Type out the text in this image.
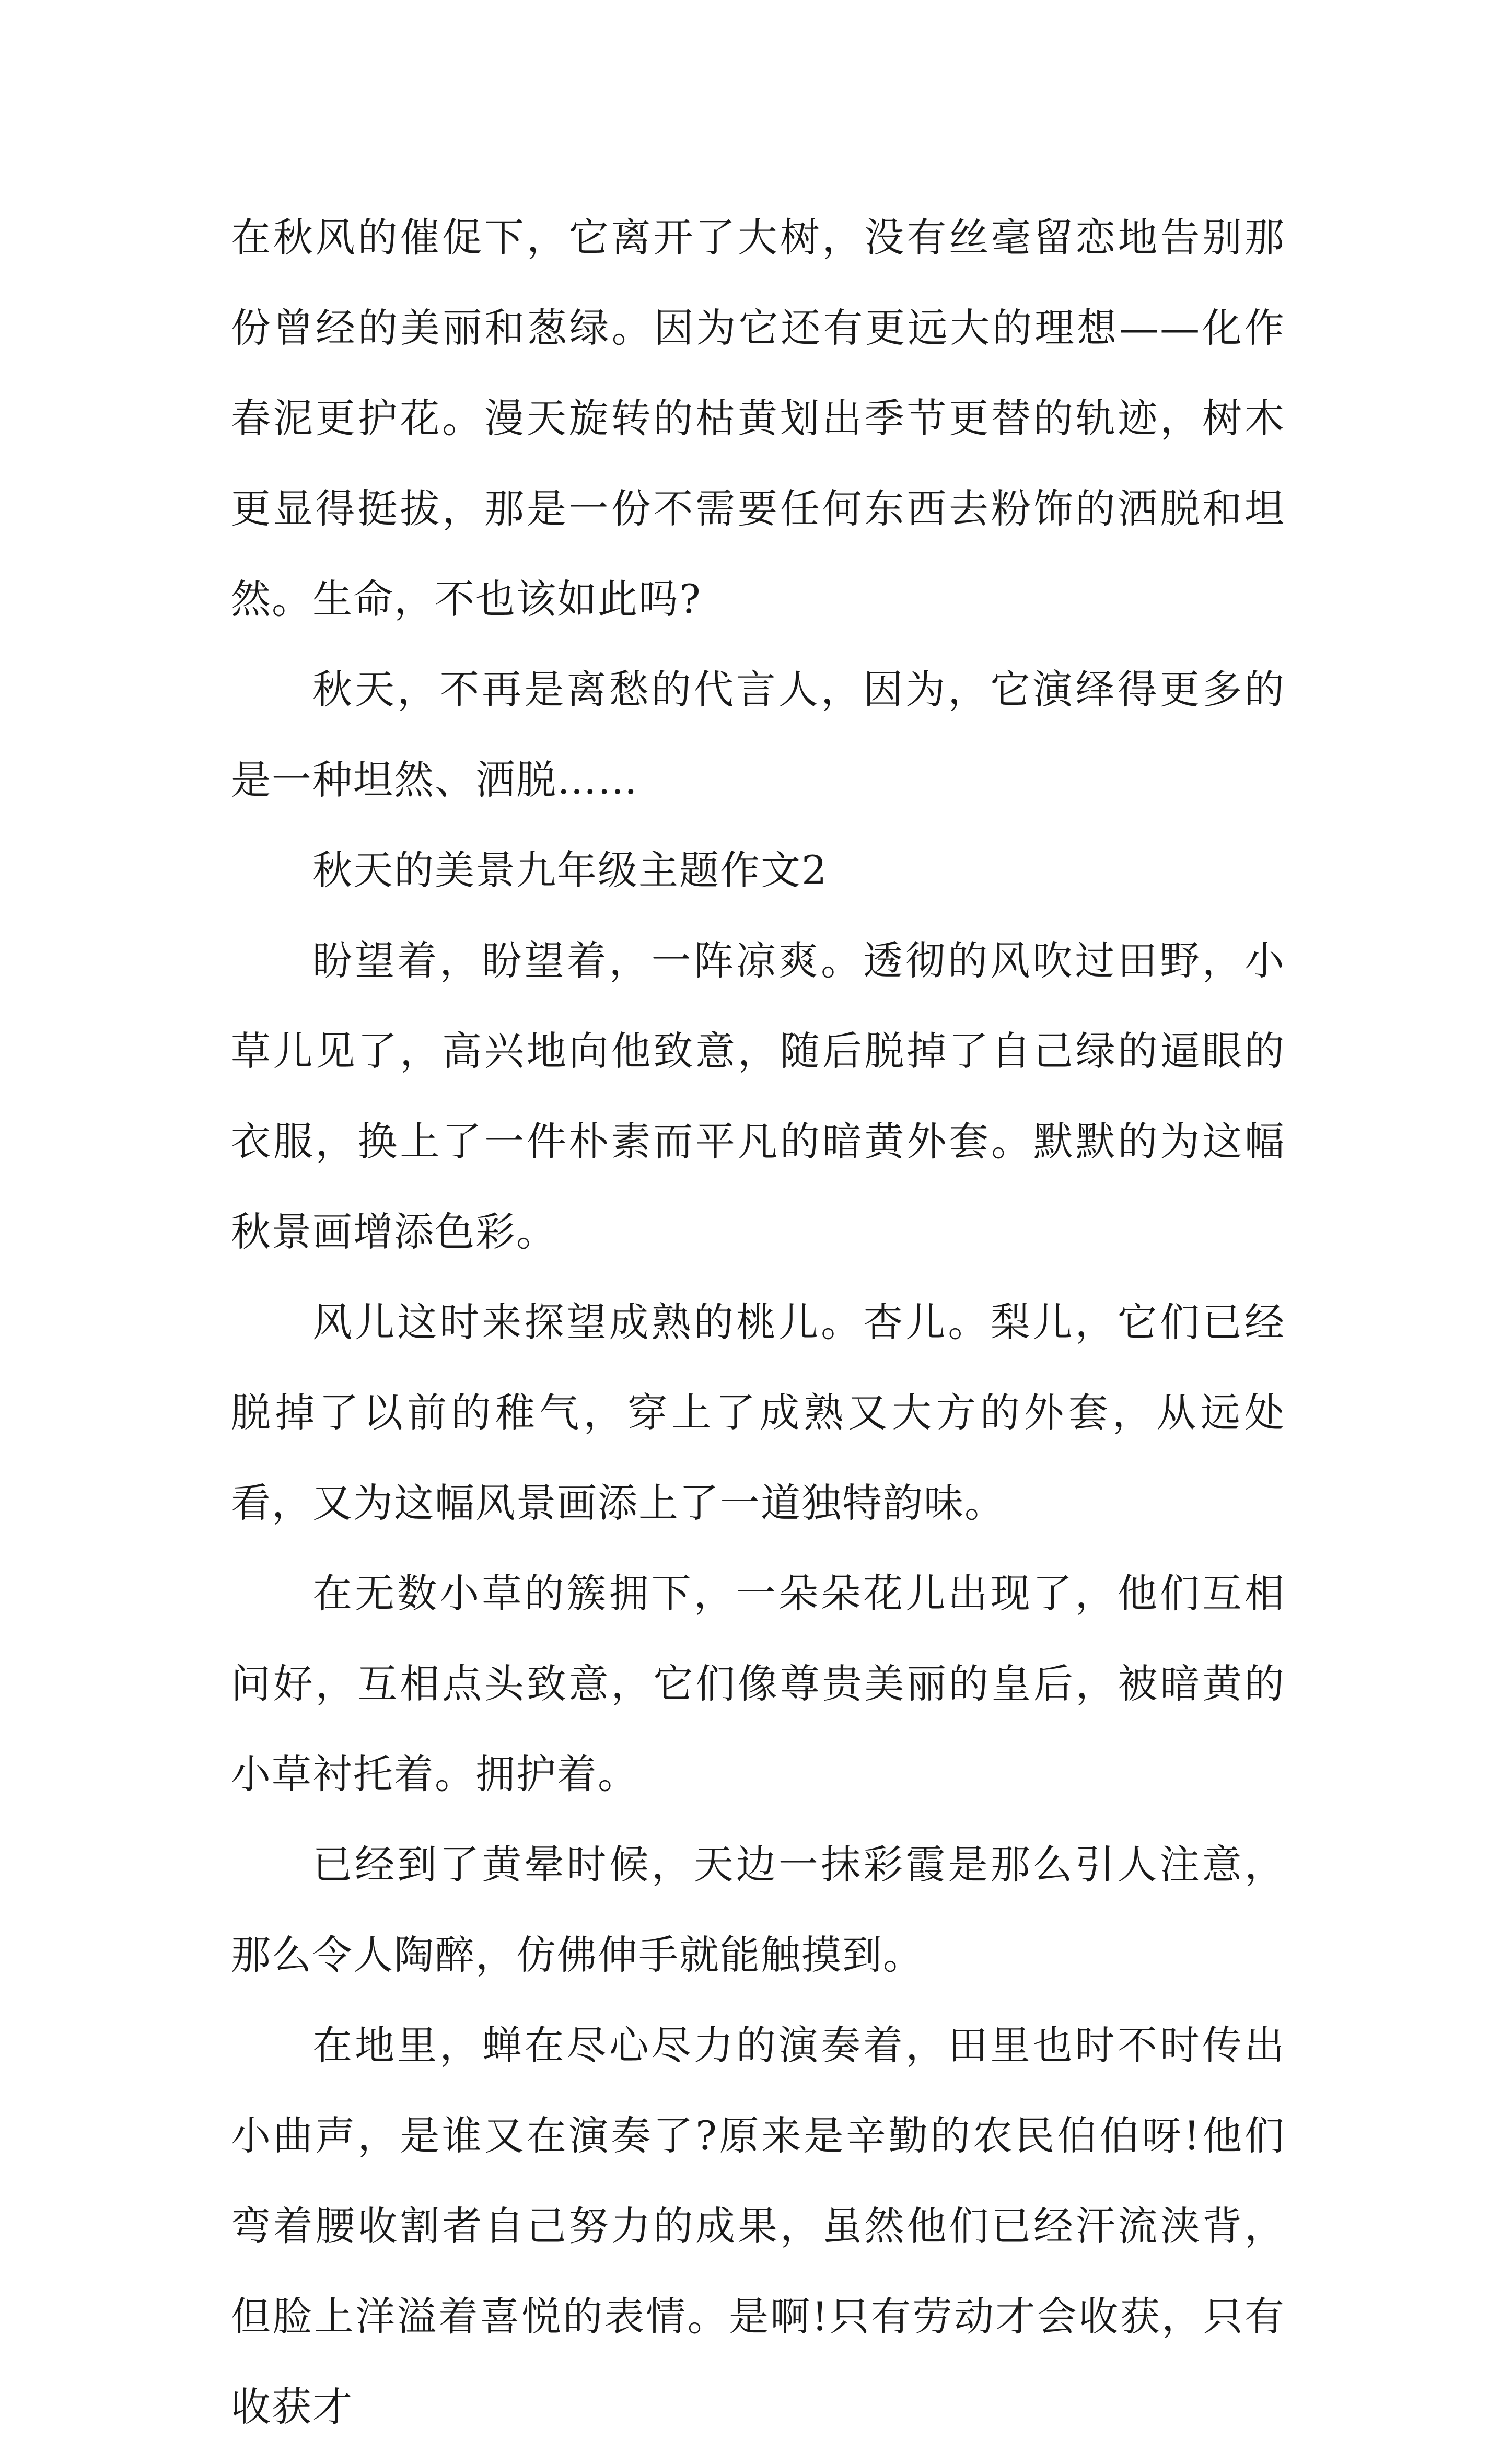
在秋风的催促下，它离开了大树，没有丝毫留恋地告别那份曾经的美丽和葱绿。因为它还有更远大的理想——化作春泥更护花。漫天旋转的枯黄划出季节更替的轨迹，树木更显得挺拔，那是一份不需要任何东西去粉饰的洒脱和坦然。生命，不也该如此吗?

秋天，不再是离愁的代言人，因为，它演绎得更多的是一种坦然、洒脱……

秋天的美景九年级主题作文2

盼望着，盼望着，一阵凉爽。透彻的风吹过田野，小草儿见了，高兴地向他致意，随后脱掉了自己绿的逼眼的衣服，换上了一件朴素而平凡的暗黄外套。默默的为这幅秋景画增添色彩。

风儿这时来探望成熟的桃儿。杏儿。梨儿，它们已经脱掉了以前的稚气，穿上了成熟又大方的外套，从远处看，又为这幅风景画添上了一道独特韵味。

在无数小草的簇拥下，一朵朵花儿出现了，他们互相问好，互相点头致意，它们像尊贵美丽的皇后，被暗黄的小草衬托着。拥护着。

已经到了黄晕时候，天边一抹彩霞是那么引人注意，那么令人陶醉，仿佛伸手就能触摸到。

在地里，蝉在尽心尽力的演奏着，田里也时不时传出小曲声，是谁又在演奏了?原来是辛勤的农民伯伯呀!他们弯着腰收割者自己努力的成果，虽然他们已经汗流浃背，但脸上洋溢着喜悦的表情。是啊!只有劳动才会收获，只有收获才
